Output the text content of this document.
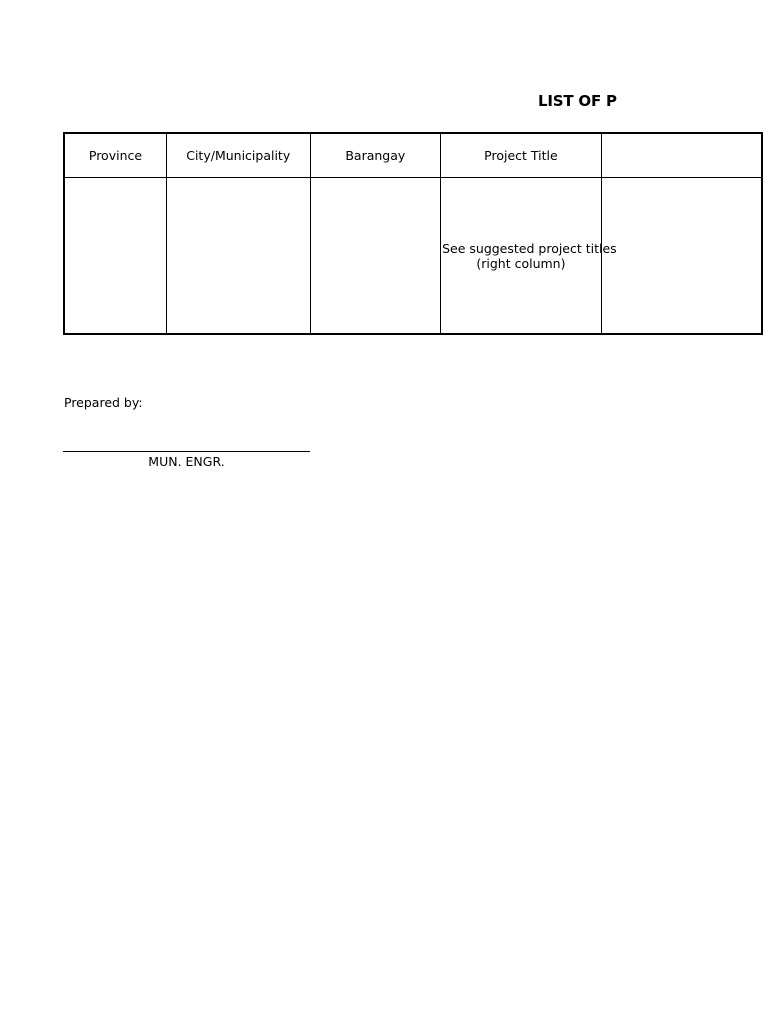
LIST OF P
Province	City/Municipality	Barangay	Project Title	

			See suggested project titles
(right column)	

Prepared by:
MUN. ENGR.
